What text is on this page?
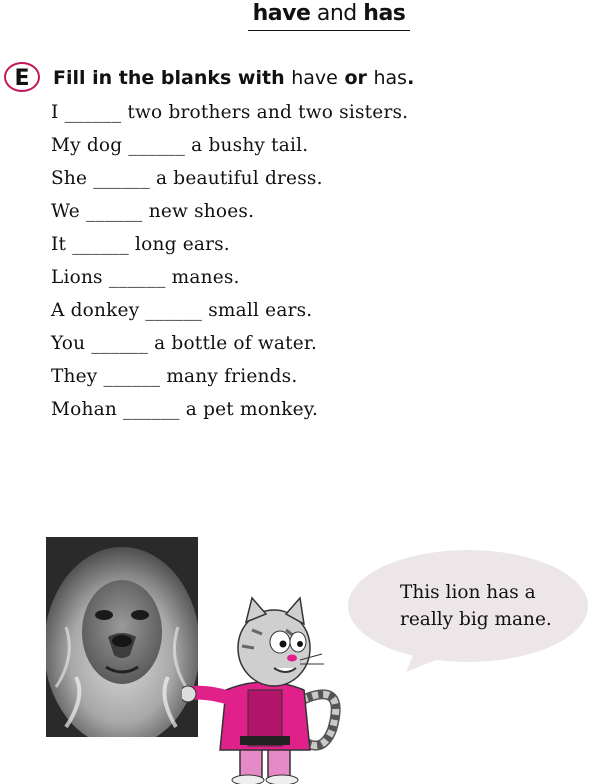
have and has
E	Fill in the blanks with have or has.
I ______ two brothers and two sisters.
My dog ______ a bushy tail.
She ______ a beautiful dress.
We ______ new shoes.
It ______ long ears.
Lions ______ manes.
A donkey ______ small ears.
You ______ a bottle of water.
They ______ many friends.
Mohan ______ a pet monkey.
This lion has a
really big mane.
